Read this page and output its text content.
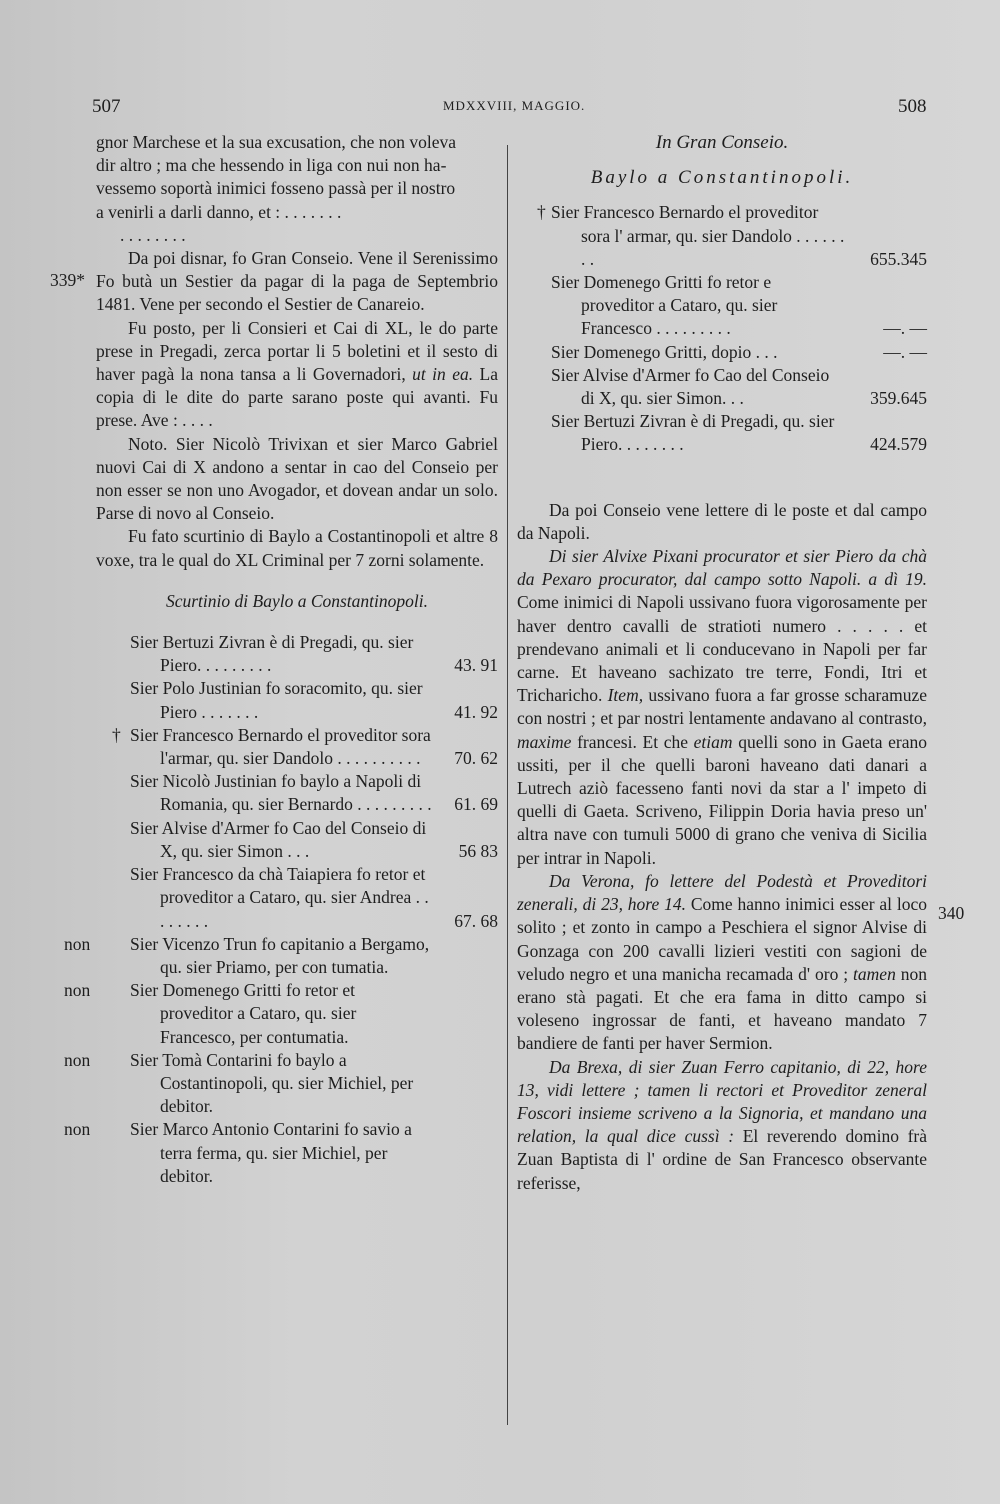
507	MDXXVIII, MAGGIO.	508
339*
340
gnor Marchese et la sua excusation, che non voleva
dir altro ; ma che hessendo in liga con nui non ha-
vessemo soportà inimici fosseno passà per il nostro
a venirli a darli danno, et : . . . . . . .
. . . . . . . .

Da poi disnar, fo Gran Conseio. Vene il Serenissimo Fo butà un Sestier da pagar di la paga de Septembrio 1481. Vene per secondo el Sestier de Canareio.

Fu posto, per li Consieri et Cai di XL, le do parte prese in Pregadi, zerca portar li 5 boletini et il sesto di haver pagà la nona tansa a li Governadori, ut in ea. La copia di le dite do parte sarano poste qui avanti. Fu prese. Ave : . . . .

Noto. Sier Nicolò Trivixan et sier Marco Gabriel nuovi Cai di X andono a sentar in cao del Conseio per non esser se non uno Avogador, et dovean andar un solo. Parse di novo al Conseio.

Fu fato scurtinio di Baylo a Costantinopoli et altre 8 voxe, tra le qual do XL Criminal per 7 zorni solamente.

Scurtinio di Baylo a Constantinopoli.

Sier Bertuzi Zivran è di Pregadi, qu. sier Piero. . . . . . . . .	43. 91

Sier Polo Justinian fo soracomito, qu. sier Piero . . . . . . .	41. 92

† Sier Francesco Bernardo el proveditor sora l'armar, qu. sier Dandolo . . . . . . . . . . 70. 62

Sier Nicolò Justinian fo baylo a Napoli di Romania, qu. sier Bernardo . . . . . . . . . 61. 69

Sier Alvise d'Armer fo Cao del Conseio di X, qu. sier Simon . . .	56 83

Sier Francesco da chà Taiapiera fo retor et proveditor a Cataro, qu. sier Andrea . . . . . . . .	67. 68

non Sier Vicenzo Trun fo capitanio a Bergamo, qu. sier Priamo, per con tumatia.

non Sier Domenego Gritti fo retor et proveditor a Cataro, qu. sier Francesco, per contumatia.

non Sier Tomà Contarini fo baylo a Costantinopoli, qu. sier Michiel, per debitor.

non Sier Marco Antonio Contarini fo savio a terra ferma, qu. sier Michiel, per debitor.

In Gran Conseio.
Baylo a Constantinopoli.

† Sier Francesco Bernardo el proveditor sora l' armar, qu. sier Dandolo . . . . . . . .	655.345

Sier Domenego Gritti fo retor e proveditor a Cataro, qu. sier Francesco . . . . . . . . .	—. —

Sier Domenego Gritti, dopio . . .	—. —

Sier Alvise d'Armer fo Cao del Conseio di X, qu. sier Simon. . .	359.645

Sier Bertuzi Zivran è di Pregadi, qu. sier Piero. . . . . . . .	424.579

Da poi Conseio vene lettere di le poste et dal campo da Napoli.

Di sier Alvixe Pixani procurator et sier Piero da chà da Pexaro procurator, dal campo sotto Napoli. a dì 19. Come inimici di Napoli ussivano fuora vigorosamente per haver dentro cavalli de stratioti numero . . . . . et prendevano animali et li conducevano in Napoli per far carne. Et haveano sachizato tre terre, Fondi, Itri et Tricharicho. Item, ussivano fuora a far grosse scharamuze con nostri ; et par nostri lentamente andavano al contrasto, maxime francesi. Et che etiam quelli sono in Gaeta erano ussiti, per il che quelli baroni haveano dati danari a Lutrech aziò facesseno fanti novi da star a l' impeto di quelli di Gaeta. Scriveno, Filippin Doria havia preso un' altra nave con tumuli 5000 di grano che veniva di Sicilia per intrar in Napoli.

Da Verona, fo lettere del Podestà et Proveditori zenerali, di 23, hore 14. Come hanno inimici esser al loco solito ; et zonto in campo a Peschiera el signor Alvise di Gonzaga con 200 cavalli lizieri vestiti con sagioni de veludo negro et una manicha recamada d' oro ; tamen non erano stà pagati. Et che era fama in ditto campo si voleseno ingrossar de fanti, et haveano mandato 7 bandiere de fanti per haver Sermion.

Da Brexa, di sier Zuan Ferro capitanio, di 22, hore 13, vidi lettere ; tamen li rectori et Proveditor zeneral Foscori insieme scriveno a la Signoria, et mandano una relation, la qual dice cussì : El reverendo domino frà Zuan Baptista di l' ordine de San Francesco observante referisse,
